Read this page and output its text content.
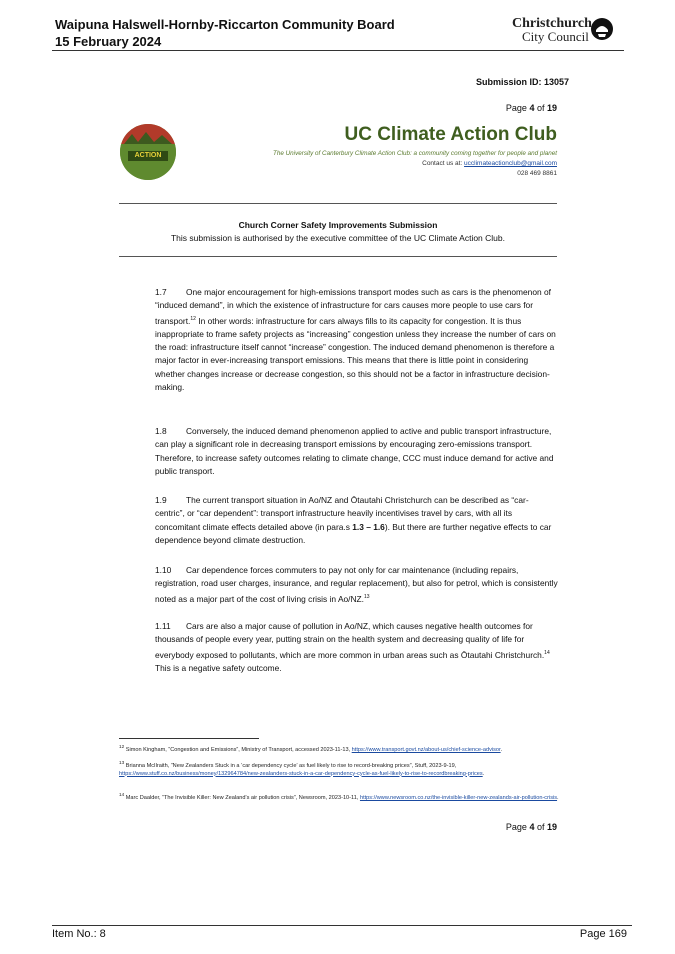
Waipuna Halswell-Hornby-Riccarton Community Board
15 February 2024
Christchurch
City Council
Submission ID: 13057
Page 4 of 19
ACTION
UC Climate Action Club
The University of Canterbury Climate Action Club: a community coming together for people and planet
Contact us at: ucclimateactionclub@gmail.com
028 469 8861
Church Corner Safety Improvements Submission
This submission is authorised by the executive committee of the UC Climate Action Club.
1.7 One major encouragement for high-emissions transport modes such as cars is the phenomenon of “induced demand”, in which the existence of infrastructure for cars causes more people to use cars for transport.$^{12}$ In other words: infrastructure for cars always fills to its capacity for congestion. It is thus inappropriate to frame safety projects as “increasing” congestion unless they increase the number of cars on the road: infrastructure itself cannot “increase” congestion. The induced demand phenomenon is therefore a major factor in ever-increasing transport emissions. This means that there is little point in considering whether changes increase or decrease congestion, so this should not be a factor in infrastructure decision-making.
1.8 Conversely, the induced demand phenomenon applied to active and public transport infrastructure, can play a significant role in decreasing transport emissions by encouraging zero-emissions transport. Therefore, to increase safety outcomes relating to climate change, CCC must induce demand for active and public transport.
1.9 The current transport situation in Ao/NZ and Ōtautahi Christchurch can be described as “car-centric”, or “car dependent”: transport infrastructure heavily incentivises travel by cars, with all its concomitant climate effects detailed above (in para.s 1.3 – 1.6). But there are further negative effects to car dependence beyond climate destruction.
1.10 Car dependence forces commuters to pay not only for car maintenance (including repairs, registration, road user charges, insurance, and regular replacement), but also for petrol, which is consistently noted as a major part of the cost of living crisis in Ao/NZ.$^{13}$
1.11 Cars are also a major cause of pollution in Ao/NZ, which causes negative health outcomes for thousands of people every year, putting strain on the health system and decreasing quality of life for everybody exposed to pollutants, which are more common in urban areas such as Ōtautahi Christchurch.$^{14}$ This is a negative safety outcome.
$^{12}$ Simon Kingham, “Congestion and Emissions”, Ministry of Transport, accessed 2023-11-13, https://www.transport.govt.nz/about-us/chief-science-advisor.
$^{13}$ Brianna McIlraith, “New Zealanders Stuck in a ‘car dependency cycle’ as fuel likely to rise to record-breaking prices”, Stuff, 2023-9-19, https://www.stuff.co.nz/business/money/132964784/new-zealanders-stuck-in-a-car-dependency-cycle-as-fuel-likely-to-rise-to-recordbreaking-prices.
$^{14}$ Marc Daalder, “The Invisible Killer: New Zealand’s air pollution crisis”, Newsroom, 2023-10-11, https://www.newsroom.co.nz/the-invisible-killer-new-zealands-air-pollution-crisis.
Page 4 of 19
Item No.: 8	Page 169
